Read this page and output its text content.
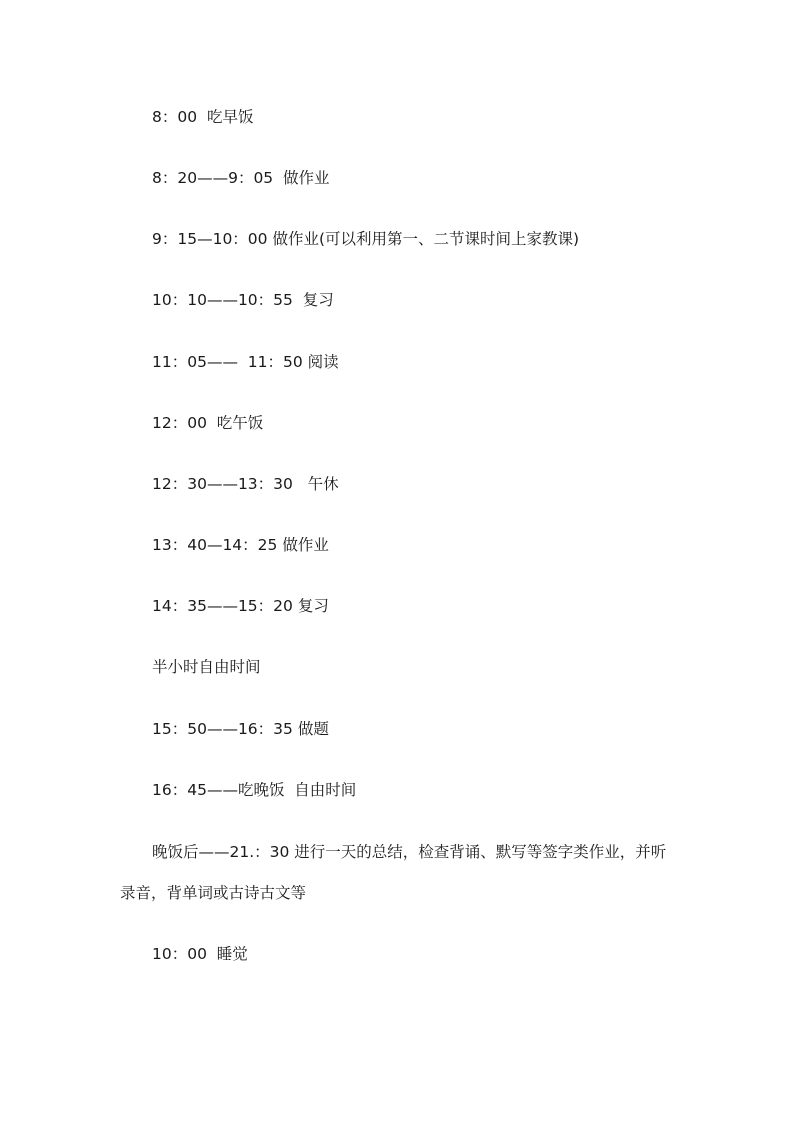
8：00  吃早饭
8：20——9：05  做作业
9：15—10：00 做作业(可以利用第一、二节课时间上家教课)
10：10——10：55  复习
11：05——  11：50 阅读
12：00  吃午饭
12：30——13：30   午休
13：40—14：25 做作业
14：35——15：20 复习
半小时自由时间
15：50——16：35 做题
16：45——吃晚饭  自由时间
晚饭后——21.：30 进行一天的总结，检查背诵、默写等签字类作业，并听
录音，背单词或古诗古文等
10：00  睡觉
